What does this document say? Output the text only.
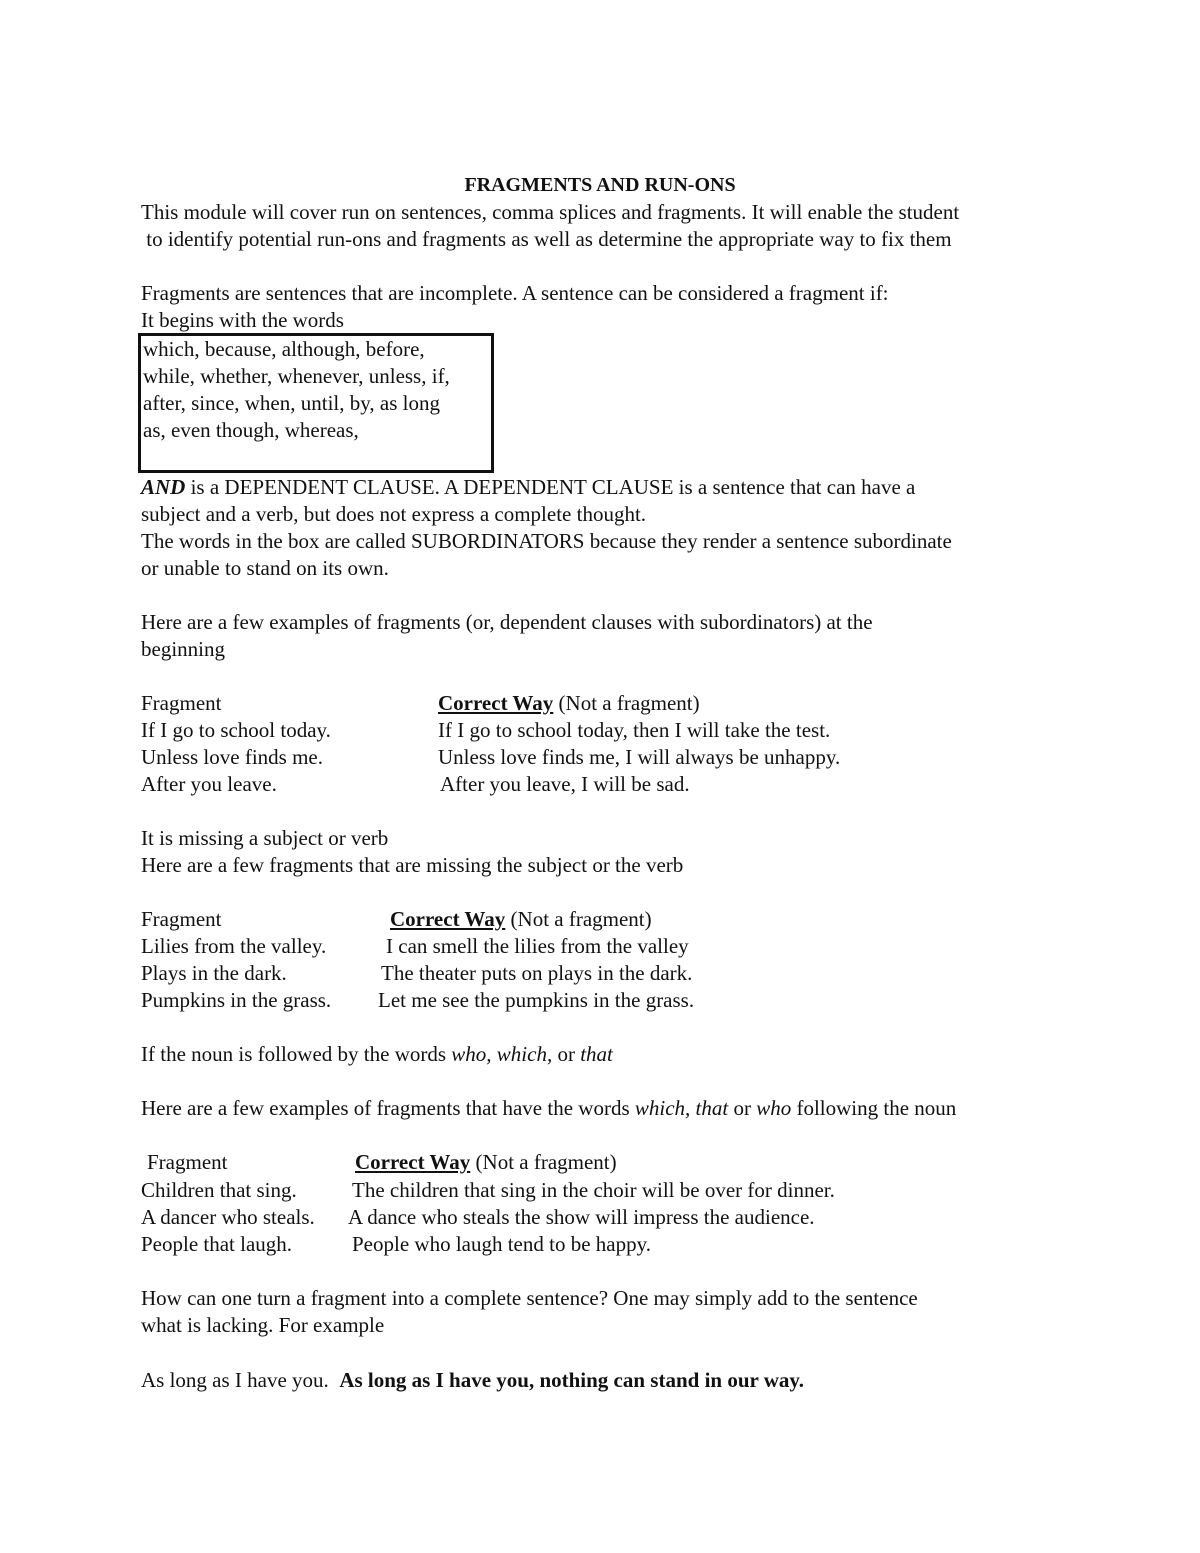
FRAGMENTS AND RUN-ONS

This module will cover run on sentences, comma splices and fragments. It will enable the student

to identify potential run-ons and fragments as well as determine the appropriate way to fix them

Fragments are sentences that are incomplete. A sentence can be considered a fragment if:

It begins with the words

which, because, although, before,
while, whether, whenever, unless, if,
after, since, when, until, by, as long
as, even though, whereas,

AND is a DEPENDENT CLAUSE. A DEPENDENT CLAUSE is a sentence that can have a

subject and a verb, but does not express a complete thought.

The words in the box are called SUBORDINATORS because they render a sentence subordinate

or unable to stand on its own.

Here are a few examples of fragments (or, dependent clauses with subordinators) at the

beginning

Fragment	Correct Way (Not a fragment)
If I go to school today.	If I go to school today, then I will take the test.
Unless love finds me.	Unless love finds me, I will always be unhappy.
After you leave.	After you leave, I will be sad.

It is missing a subject or verb

Here are a few fragments that are missing the subject or the verb

Fragment	Correct Way (Not a fragment)
Lilies from the valley.	I can smell the lilies from the valley
Plays in the dark.	The theater puts on plays in the dark.
Pumpkins in the grass. Let me see the pumpkins in the grass.

If the noun is followed by the words who, which, or that

Here are a few examples of fragments that have the words which, that or who following the noun

Fragment	Correct Way (Not a fragment)
Children that sing.	The children that sing in the choir will be over for dinner.
A dancer who steals. A dance who steals the show will impress the audience.
People that laugh.	People who laugh tend to be happy.

How can one turn a fragment into a complete sentence? One may simply add to the sentence

what is lacking. For example

As long as I have you. As long as I have you, nothing can stand in our way.
